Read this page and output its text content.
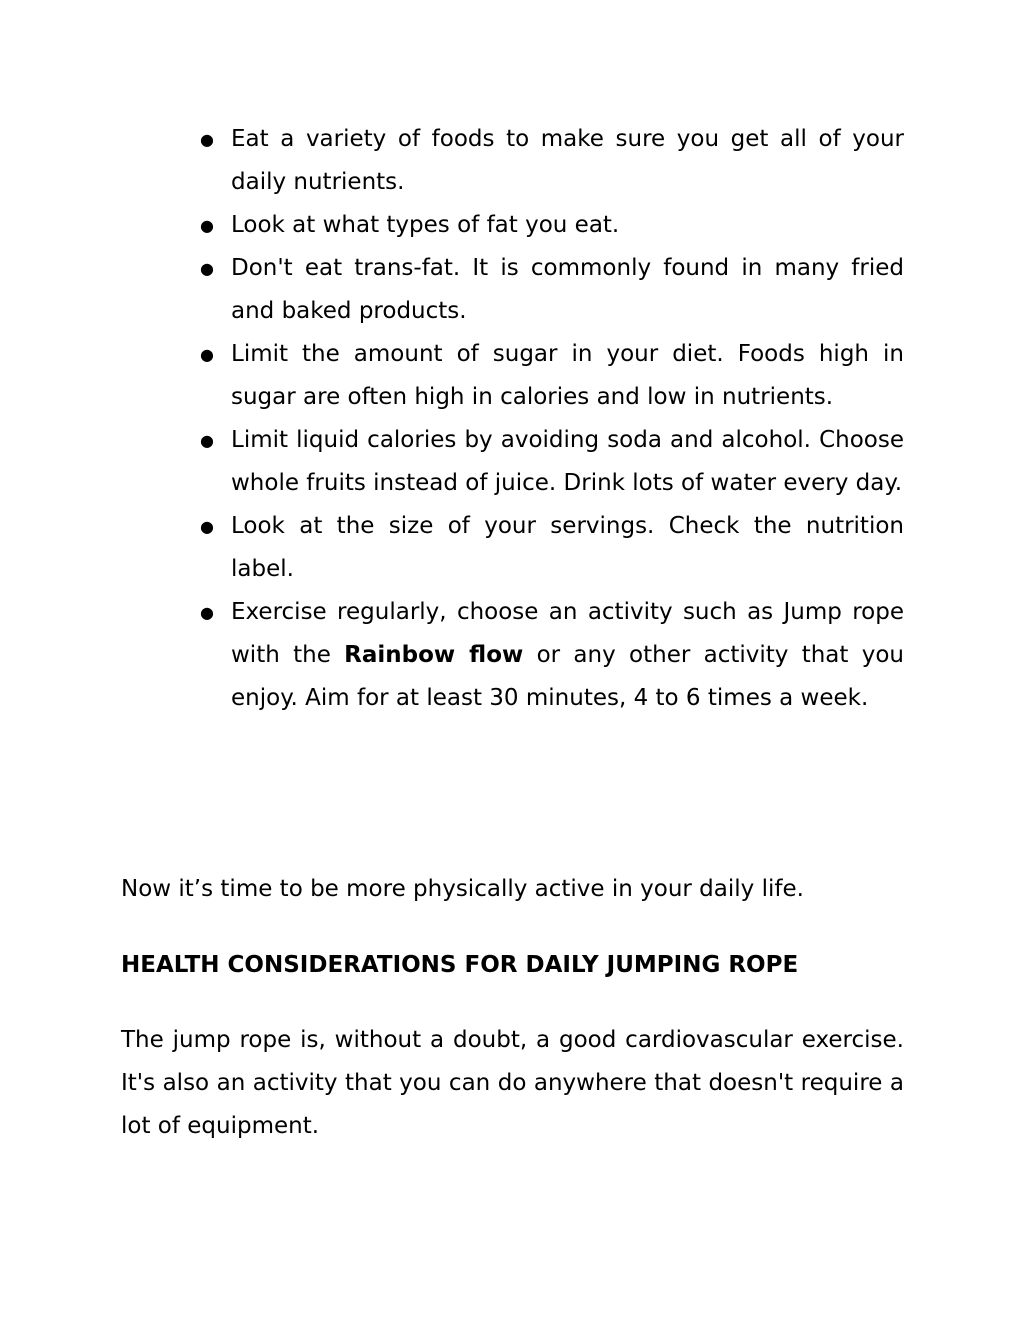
● Eat a variety of foods to make sure you get all of your daily nutrients.
● Look at what types of fat you eat.
● Don't eat trans-fat. It is commonly found in many fried and baked products.
● Limit the amount of sugar in your diet. Foods high in sugar are often high in calories and low in nutrients.
● Limit liquid calories by avoiding soda and alcohol. Choose whole fruits instead of juice. Drink lots of water every day.
● Look at the size of your servings. Check the nutrition label.
● Exercise regularly, choose an activity such as Jump rope with the Rainbow flow or any other activity that you enjoy. Aim for at least 30 minutes, 4 to 6 times a week.

Now it’s time to be more physically active in your daily life.

HEALTH CONSIDERATIONS FOR DAILY JUMPING ROPE

The jump rope is, without a doubt, a good cardiovascular exercise. It's also an activity that you can do anywhere that doesn't require a lot of equipment.
